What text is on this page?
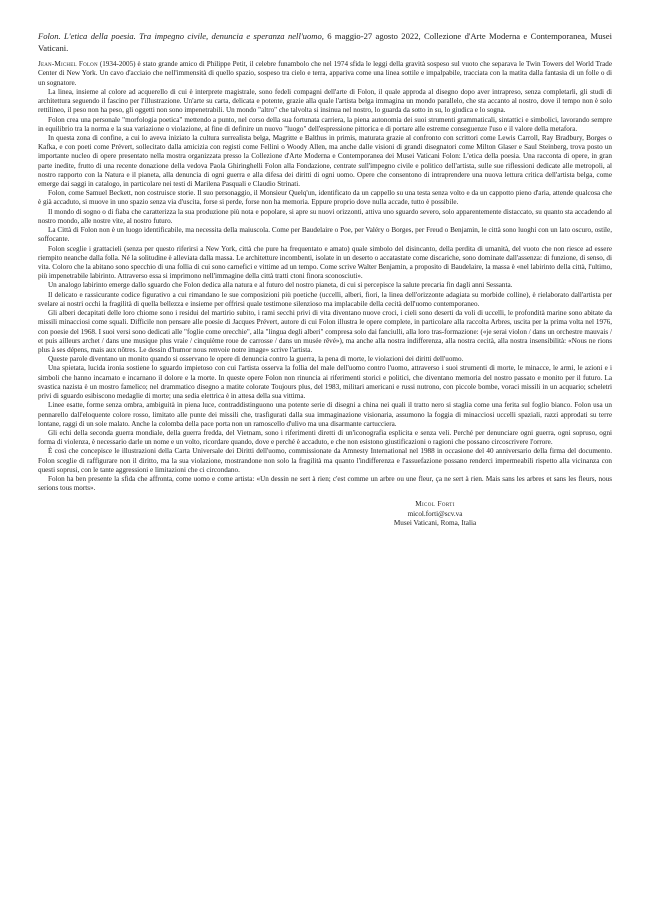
Folon. L'etica della poesia. Tra impegno civile, denuncia e speranza nell'uomo, 6 maggio-27 agosto 2022, Collezione d'Arte Moderna e Contemporanea, Musei Vaticani.

Jean-Michel Folon (1934-2005) è stato grande amico di Philippe Petit, il celebre funambolo che nel 1974 sfida le leggi della gravità sospeso sul vuoto che separava le Twin Towers del World Trade Center di New York. Un cavo d'acciaio che nell'immensità di quello spazio, sospeso tra cielo e terra, appariva come una linea sottile e impalpabile, tracciata con la matita dalla fantasia di un folle o di un sognatore.

La linea, insieme al colore ad acquerello di cui è interprete magistrale, sono fedeli compagni dell'arte di Folon, il quale approda al disegno dopo aver intrapreso, senza completarli, gli studi di architettura seguendo il fascino per l'illustrazione. Un'arte su carta, delicata e potente, grazie alla quale l'artista belga immagina un mondo parallelo, che sta accanto al nostro, dove il tempo non è solo rettilineo, il peso non ha peso, gli oggetti non sono impenetrabili. Un mondo "altro" che talvolta si insinua nel nostro, lo guarda da sotto in su, lo giudica e lo sogna.

Folon crea una personale "morfologia poetica" mettendo a punto, nel corso della sua fortunata carriera, la piena autonomia dei suoi strumenti grammaticali, sintattici e simbolici, lavorando sempre in equilibrio tra la norma e la sua variazione o violazione, al fine di definire un nuovo "luogo" dell'espressione pittorica e di portare alle estreme conseguenze l'uso e il valore della metafora.

In questa zona di confine, a cui lo aveva iniziato la cultura surrealista belga, Magritte e Balthus in primis, maturata grazie al confronto con scrittori come Lewis Carroll, Ray Bradbury, Borges o Kafka, e con poeti come Prévert, sollecitato dalla amicizia con registi come Fellini o Woody Allen, ma anche dalle visioni di grandi disegnatori come Milton Glaser e Saul Steinberg, trova posto un importante nucleo di opere presentato nella mostra organizzata presso la Collezione d'Arte Moderna e Contemporanea dei Musei Vaticani Folon: L'etica della poesia. Una racconta di opere, in gran parte inedite, frutto di una recente donazione della vedova Paola Ghiringhelli Folon alla Fondazione, centrate sull'impegno civile e politico dell'artista, sulle sue riflessioni dedicate alle metropoli, al nostro rapporto con la Natura e il pianeta, alla denuncia di ogni guerra e alla difesa dei diritti di ogni uomo. Opere che consentono di intraprendere una nuova lettura critica dell'artista belga, come emerge dai saggi in catalogo, in particolare nei testi di Marilena Pasquali e Claudio Strinati.

Folon, come Samuel Beckett, non costruisce storie. Il suo personaggio, il Monsieur Quelq'un, identificato da un cappello su una testa senza volto e da un cappotto pieno d'aria, attende qualcosa che è già accaduto, si muove in uno spazio senza via d'uscita, forse si perde, forse non ha memoria. Eppure proprio dove nulla accade, tutto è possibile.

Il mondo di sogno o di fiaba che caratterizza la sua produzione più nota e popolare, si apre su nuovi orizzonti, attiva uno sguardo severo, solo apparentemente distaccato, su quanto sta accadendo al nostro mondo, alle nostre vite, al nostro futuro.

La Città di Folon non è un luogo identificabile, ma necessita della maiuscola. Come per Baudelaire o Poe, per Valéry o Borges, per Freud o Benjamin, le città sono luoghi con un lato oscuro, ostile, soffocante.

Folon sceglie i grattacieli (senza per questo riferirsi a New York, città che pure ha frequentato e amato) quale simbolo del disincanto, della perdita di umanità, del vuoto che non riesce ad essere riempito neanche dalla folla. Né la solitudine è alleviata dalla massa. Le architetture incombenti, isolate in un deserto o accatastate come discariche, sono dominate dall'assenza: di funzione, di senso, di vita. Coloro che la abitano sono specchio di una follia di cui sono carnefici e vittime ad un tempo. Come scrive Walter Benjamin, a proposito di Baudelaire, la massa è «nel labirinto della città, l'ultimo, più impenetrabile labirinto. Attraverso essa si imprimono nell'immagine della città tratti ctoni finora sconosciuti».

Un analogo labirinto emerge dallo sguardo che Folon dedica alla natura e al futuro del nostro pianeta, di cui si percepisce la salute precaria fin dagli anni Sessanta.

Il delicato e rassicurante codice figurativo a cui rimandano le sue composizioni più poetiche (uccelli, alberi, fiori, la linea dell'orizzonte adagiata su morbide colline), è rielaborato dall'artista per svelare ai nostri occhi la fragilità di quella bellezza e insieme per offrirsi quale testimone silenzioso ma implacabile della cecità dell'uomo contemporaneo.

Gli alberi decapitati delle loro chiome sono i residui del martirio subito, i rami secchi privi di vita diventano nuove croci, i cieli sono deserti da voli di uccelli, le profondità marine sono abitate da missili minacciosi come squali. Difficile non pensare alle poesie di Jacques Prévert, autore di cui Folon illustra le opere complete, in particolare alla raccolta Arbres, uscita per la prima volta nel 1976, con poesie del 1968. I suoi versi sono dedicati alle "foglie come orecchie", alla "lingua degli alberi" compresa solo dai fanciulli, alla loro tras-formazione: («je serai violon / dans un orchestre mauvais / et puis ailleurs archet / dans une musique plus vraie / cinquième roue de carrosse / dans un musée rêvé»), ma anche alla nostra indifferenza, alla nostra cecità, alla nostra insensibilità: «Nous ne rions plus à ses dépens, mais aux nôtres. Le dessin d'humor nous renvoie notre image» scrive l'artista.

Queste parole diventano un monito quando si osservano le opere di denuncia contro la guerra, la pena di morte, le violazioni dei diritti dell'uomo.

Una spietata, lucida ironia sostiene lo sguardo impietoso con cui l'artista osserva la follia del male dell'uomo contro l'uomo, attraverso i suoi strumenti di morte, le minacce, le armi, le azioni e i simboli che hanno incarnato e incarnano il dolore e la morte. In queste opere Folon non rinuncia ai riferimenti storici e politici, che diventano memoria del nostro passato e monito per il futuro. La svastica nazista è un mostro famelico; nel drammatico disegno a matite colorate Toujours plus, del 1983, militari americani e russi nutrono, con piccole bombe, voraci missili in un acquario; scheletri privi di sguardo esibiscono medaglie di morte; una sedia elettrica è in attesa della sua vittima.

Linee esatte, forme senza ombra, ambiguità in piena luce, contraddistinguono una potente serie di disegni a china nei quali il tratto nero si staglia come una ferita sul foglio bianco. Folon usa un pennarello dall'eloquente colore rosso, limitato alle punte dei missili che, trasfigurati dalla sua immaginazione visionaria, assumono la foggia di minacciosi uccelli spaziali, razzi approdati su terre lontane, raggi di un sole malato. Anche la colomba della pace porta non un ramoscello d'ulivo ma una disarmante cartucciera.

Gli echi della seconda guerra mondiale, della guerra fredda, del Vietnam, sono i riferimenti diretti di un'iconografia esplicita e senza veli. Perché per denunciare ogni guerra, ogni sopruso, ogni forma di violenza, è necessario darle un nome e un volto, ricordare quando, dove e perché è accaduto, e che non esistono giustificazioni o ragioni che possano circoscrivere l'orrore.

È così che concepisce le illustrazioni della Carta Universale dei Diritti dell'uomo, commissionate da Amnesty International nel 1988 in occasione del 40 anniversario della firma del documento. Folon sceglie di raffigurare non il diritto, ma la sua violazione, mostrandone non solo la fragilità ma quanto l'indifferenza e l'assuefazione possano renderci impermeabili rispetto alla vicinanza con questi soprusi, con le tante aggressioni e limitazioni che ci circondano.

Folon ha ben presente la sfida che affronta, come uomo e come artista: «Un dessin ne sert à rien; c'est comme un arbre ou une fleur, ça ne sert à rien. Mais sans les arbres et sans les fleurs, nous serions tous morts».

Micol Forti
micol.forti@scv.va
Musei Vaticani, Roma, Italia
